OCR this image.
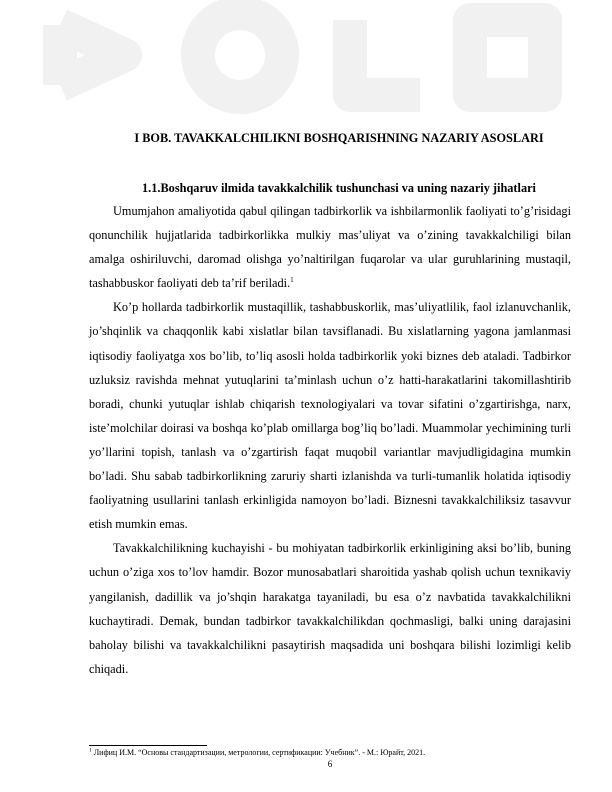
I BOB. TAVAKKALCHILIKNI BOSHQARISHNING NAZARIY ASOSLARI
1.1.Boshqaruv ilmida tavakkalchilik tushunchasi va uning nazariy jihatlari

Umumjahon amaliyotida qabul qilingan tadbirkorlik va ishbilarmonlik faoliyati to’g’risidagi qonunchilik hujjatlarida tadbirkorlikka mulkiy mas’uliyat va o’zining tavakkalchiligi bilan amalga oshiriluvchi, daromad olishga yo’naltirilgan fuqarolar va ular guruhlarining mustaqil, tashabbuskor faoliyati deb ta’rif beriladi.$^1$

Ko’p hollarda tadbirkorlik mustaqillik, tashabbuskorlik, mas’uliyatlilik, faol izlanuvchanlik, jo’shqinlik va chaqqonlik kabi xislatlar bilan tavsiflanadi. Bu xislatlarning yagona jamlanmasi iqtisodiy faoliyatga xos bo’lib, to’liq asosli holda tadbirkorlik yoki biznes deb ataladi. Tadbirkor uzluksiz ravishda mehnat yutuqlarini ta’minlash uchun o’z hatti-harakatlarini takomillashtirib boradi, chunki yutuqlar ishlab chiqarish texnologiyalari va tovar sifatini o’zgartirishga, narx, iste’molchilar doirasi va boshqa ko’plab omillarga bog’liq bo’ladi. Muammolar yechimining turli yo’llarini topish, tanlash va o’zgartirish faqat muqobil variantlar mavjudligidagina mumkin bo’ladi. Shu sabab tadbirkorlikning zaruriy sharti izlanishda va turli-tumanlik holatida iqtisodiy faoliyatning usullarini tanlash erkinligida namoyon bo’ladi. Biznesni tavakkalchiliksiz tasavvur etish mumkin emas.

Tavakkalchilikning kuchayishi - bu mohiyatan tadbirkorlik erkinligining aksi bo’lib, buning uchun o’ziga xos to’lov hamdir. Bozor munosabatlari sharoitida yashab qolish uchun texnikaviy yangilanish, dadillik va jo’shqin harakatga tayaniladi, bu esa o’z navbatida tavakkalchilikni kuchaytiradi. Demak, bundan tadbirkor tavakkalchilikdan qochmasligi, balki uning darajasini baholay bilishi va tavakkalchilikni pasaytirish maqsadida uni boshqara bilishi lozimligi kelib chiqadi.

$^1$ Лифиц И.М. “Основы стандартизации, метрологии, сертификации: Учебник”. - М.: Юрайт, 2021.

6
